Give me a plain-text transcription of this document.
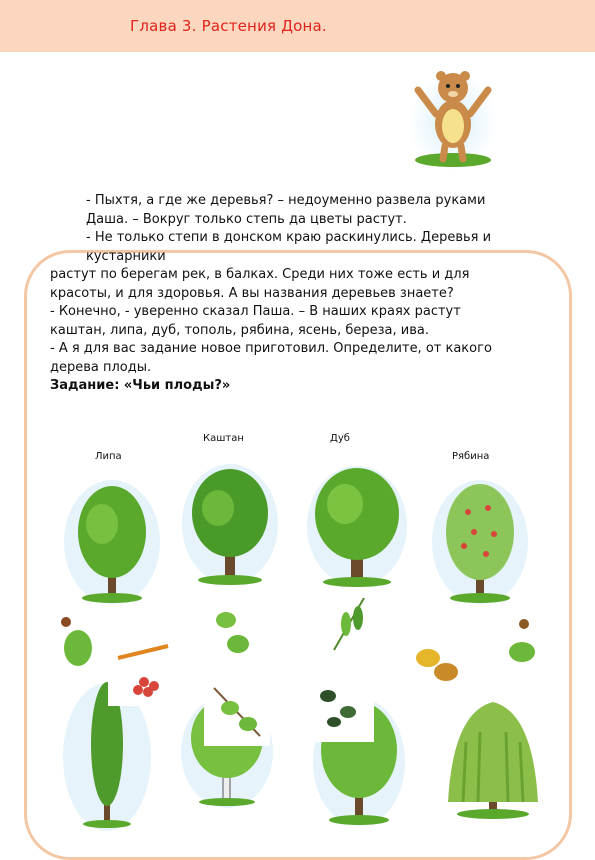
Глава 3. Растения Дона.
- Пыхтя, а где же деревья? – недоуменно развела руками
Даша. – Вокруг только степь да цветы растут.
- Не только степи в донском краю раскинулись. Деревья и
кустарники
растут по берегам рек, в балках. Среди них тоже есть и для
красоты, и для здоровья. А вы названия деревьев знаете?
- Конечно, - уверенно сказал Паша. – В наших краях растут
каштан, липа, дуб, тополь, рябина, ясень, береза, ива.
- А я для вас задание новое приготовил. Определите, от какого
дерева плоды.
Задание: «Чьи плоды?»
Липа
Каштан	Дуб
Рябина
